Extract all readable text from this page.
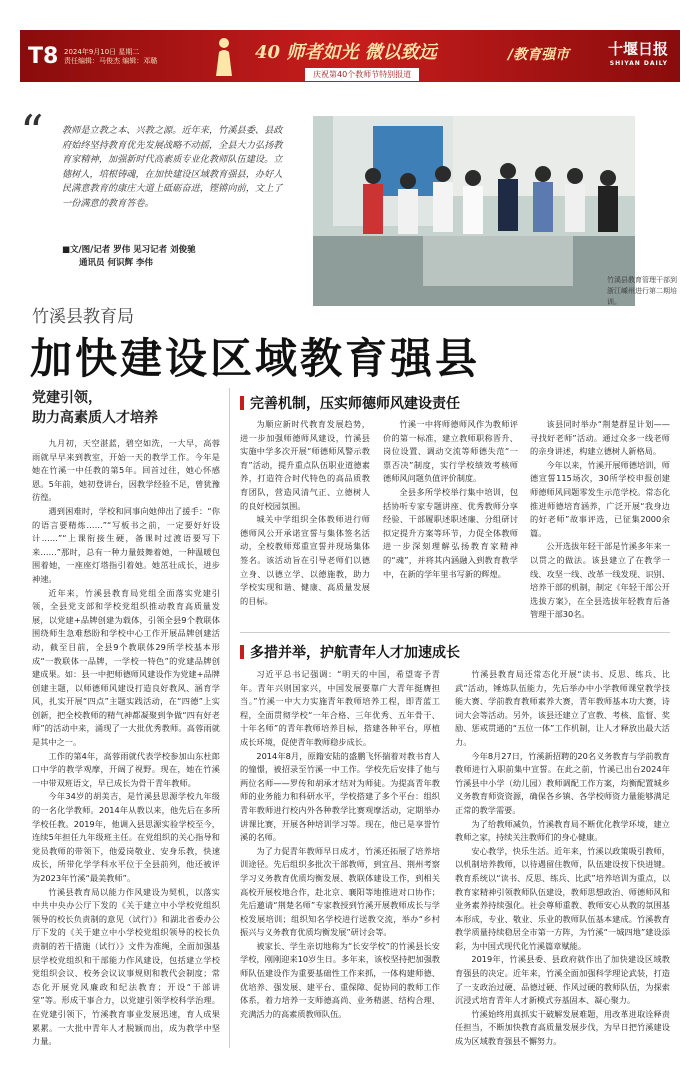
T8 2024年9月10日 星期二
责任编辑：马俊杰 编辑：邓璐	40 师者如光 微以致远	/教育强市	十堰日报
SHIYAN DAILY
庆祝第40个教师节特别报道
“ 教师是立教之本、兴教之源。近年来，竹溪县委、县政府始终坚持教育优先发展战略不动摇，全县大力弘扬教育家精神，加强新时代高素质专业化教师队伍建设。立德树人，培根铸魂，在加快建设区域教育强县，办好人民满意教育的康庄大道上砥砺奋进，铿锵向前，文上了一份满意的教育答卷。
■文/图/记者 罗伟 见习记者 刘俊驰
通讯员 何识辉 李伟
竹溪县教育管理干部到浙江嵊州进行第二期培训。
竹溪县教育局
加快建设区域教育强县
党建引领，
助力高素质人才培养

九月初，天空湛蓝，碧空如洗，一大早，高蓉雨就早早来到教室，开始一天的教学工作。今年是她在竹溪一中任教的第5年。回首过往，她心怀感恩。5年前，她初登讲台，因教学经验不足，曾犹豫彷徨。

遇到困难时，学校和同事向她伸出了援手：“你的语言要精炼……”“写板书之前，一定要好好设计……”“上课衔接生硬，备课时过渡语要写下来……”那时，总有一种力量鼓舞着她，一种温暖包围着她，一座座灯塔指引着她。她茁壮成长，进步神速。

近年来，竹溪县教育局党组全面落实党建引领，全县党支部和学校党组织推动教育高质量发展，以党建+品牌创建为载体，引领全县9个教联体围绕师生急难愁盼和学校中心工作开展品牌创建活动，截至目前，全县9个教联体29所学校基本形成“一教联体一品牌，一学校一特色”的党建品牌创建成果。如：县一中把师德师风建设作为党建+品牌创建主题，以师德师风建设打造良好教风、涵育学风，扎实开展“四点”主题实践活动，在“四德”上实创新，把全校教师的精气神都凝聚到争做“四有好老师”的活动中来，涌现了一大批优秀教师。高蓉雨就是其中之一。

工作的第4年，高蓉雨就代表学校参加山东杜郎口中学的教学观摩，开阔了视野。现在，她在竹溪一中带双班语文，早已成长为骨干青年教师。

今年34岁的胡美吉，是竹溪县思源学校九年级的一名化学教师。2014年从教以来，他先后在多所学校任教。2019年，他调入县思源实验学校至今，连续5年担任九年级班主任。在党组织的关心指导和党员教师的带领下，他爱岗敬业、安身乐教，快速成长，所带化学学科水平位于全县前列，他还被评为2023年竹溪“最美教师”。

竹溪县教育局以能力作风建设为契机，以落实中共中央办公厅下发的《关于建立中小学校党组织领导的校长负责制的意见（试行）》和湖北省委办公厅下发的《关于建立中小学校党组织领导的校长负责制的若干措施（试行）》文件为准绳，全面加强基层学校党组织和干部能力作风建设，包括建立学校党组织会议、校务会议议事规则和教代会制度；常态化开展党风廉政和纪法教育；开设“干部讲堂”等。形成干事合力，以党建引领学校科学治理。在党建引领下，竹溪教育事业发展迅速，育人成果累累。一大批中青年人才脱颖而出，成为教学中坚力量。

完善机制，压实师德师风建设责任

为顺应新时代教育发展趋势，进一步加强师德师风建设，竹溪县实施中学多次开展“师德师风警示教育”活动，提升重点队伍职业道德素养，打造符合时代特色的高品质教育团队，营造风清气正、立德树人的良好校园氛围。

城关中学组织全体教师进行师德师风公开承诺宣誓与集体签名活动，全校教师郑重宣誓并现场集体签名。该活动旨在引导老师们以德立身、以德立学、以德施教，助力学校实现和谐、健康、高质量发展的目标。

竹溪一中将师德师风作为教师评价的第一标准，建立教师职称晋升、岗位设置、调动交流等师德失范“一票否决”制度，实行学校绩效考核师德师风问题负值评价制度。

全县多所学校举行集中培训，包括协听专家专题讲座、优秀教师分享经验、干部履职述职述廉、分组研讨拟定提升方案等环节，力促全体教师进一步深刻理解弘扬教育家精神的“魂”，并将其内涵融入到教育教学中，在新的学年里书写新的辉煌。

该县同时举办“荆楚群星计划——寻找好老师”活动。通过众多一线老师的亲身讲述，构建立德树人新格局。

今年以来，竹溪开展师德培训，师德宣誓115场次，30所学校申报创建师德师风同题零发生示范学校。常态化推进师德培育涵养，广泛开展“我身边的好老师”故事评选，已征集2000余篇。

公开选拔年轻干部是竹溪多年来一以贯之的做法。该县建立了在教学一线、攻坚一线、改革一线发现、识别、培养干部的机制，制定《年轻干部公开选拔方案》，在全县选拔年轻教育后备管理干部30名。

多措并举，护航青年人才加速成长

习近平总书记强调：“明天的中国，希望寄予青年。青年兴则国家兴，中国发展要靠广大青年挺膺担当。”竹溪一中大力实施青年教师培养工程，即青蓝工程，全面贯彻学校“一年合格、三年优秀、五年骨干、十年名师”的青年教师培养目标，搭建各种平台，厚植成长环境，促使青年教师稳步成长。

2014年8月，原籍安陆的盛鹏飞怀揣着对教书育人的憧憬，被招录至竹溪一中工作。学校先后安排了他与两位名师——罗传和胡承才结对为师徒。为提高青年教师的业务能力和科研水平，学校搭建了多个平台：组织青年教师进行校内外各种教学比赛观摩活动，定期举办讲课比赛，开展各种培训学习等。现在，他已是享誉竹溪的名师。

为了力促青年教师早日成才，竹溪还拓展了培养培训途径。先后组织多批次干部教师，到宜昌、荆州考察学习义务教育优质均衡发展、教联体建设工作，到相关高校开展校地合作，赴北京、襄阳等地推进对口协作；先后邀请“荆楚名师”专家教授到竹溪开展教师成长与学校发展培训；组织知名学校进行送教交流，举办“乡村振兴与义务教育优质均衡发展”研讨会等。

被家长、学生亲切地称为“长安学校”的竹溪县长安学校，刚刚迎来10岁生日。多年来，该校坚持把加强教师队伍建设作为重要基础性工作来抓，一体构建师德、优培养、强发展、建平台、重保障、促协同的教师工作体系，着力培养一支师德高尚、业务精湛、结构合理、充满活力的高素质教师队伍。

竹溪县教育局还常态化开展“读书、反思、练兵、比武”活动，锤炼队伍能力，先后举办中小学教师课堂教学技能大赛、学前教育教师素养大赛，青年教师基本功大赛，诗词大会等活动。另外，该县还建立了宣教、考核、监督、奖励、惩戒贯通的“五位一体”工作机制，让人才释放出最大活力。

今年8月27日，竹溪新招聘的20名义务教育与学前教育教师进行入职前集中宣誓。在此之前，竹溪已出台2024年竹溪县中小学（幼儿园）教师调配工作方案，均衡配置城乡义务教育师资资源，确保各乡镇、各学校师资力量能够满足正常的教学需要。

为了给教师减负，竹溪教育局不断优化教学环境，建立教师之家，持续关注教师们的身心健康。

安心教学，快乐生活。近年来，竹溪以政策吸引教师，以机制培养教师，以待遇留住教师，队伍建设按下快进键。教育系统以“读书、反思、练兵、比武”培养培训为重点，以教育家精神引领教师队伍建设，教师思想政治、师德师风和业务素养持续强化。社会尊师重教、教师安心从教的氛围基本形成，专业、敬业、乐业的教师队伍基本建成。竹溪教育教学质量持续稳居全市第一方阵，为竹溪“一城四地”建设添彩，为中国式现代化竹溪篇章赋能。

2019年，竹溪县委、县政府就作出了加快建设区域教育强县的决定。近年来，竹溪全面加强科学理论武装，打造了一支政治过硬、品德过硬、作风过硬的教师队伍，为探索沉浸式培育青年人才新模式夯基固本、凝心聚力。

竹溪始终用真抓实干破解发展难题，用改革进取诠释责任担当，不断加快教育高质量发展步伐，为早日把竹溪建设成为区域教育强县不懈努力。
